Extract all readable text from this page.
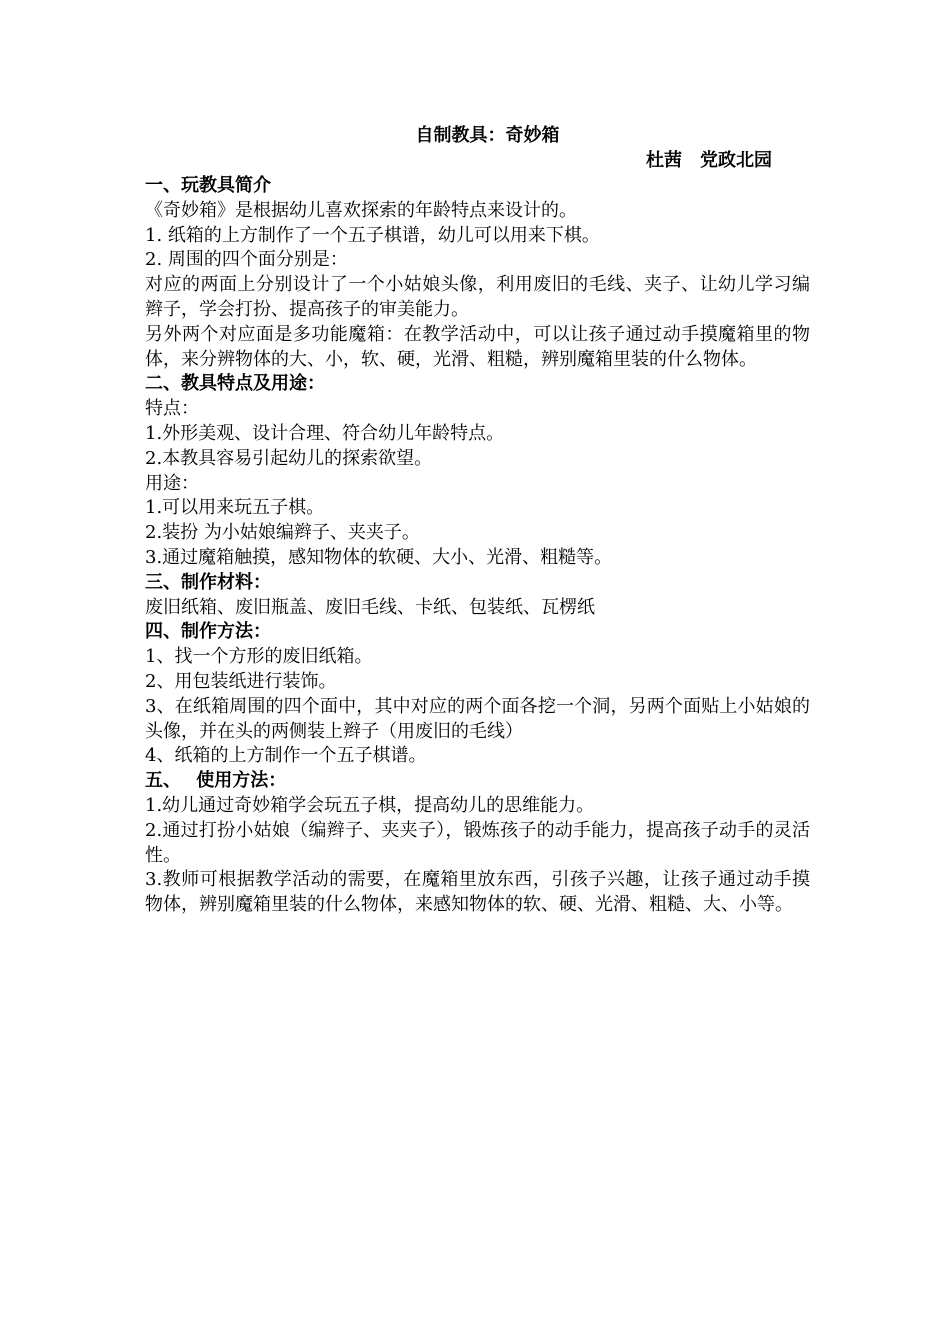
自制教具：奇妙箱
杜茜　党政北园
一、玩教具简介

《奇妙箱》是根据幼儿喜欢探索的年龄特点来设计的。

1. 纸箱的上方制作了一个五子棋谱，幼儿可以用来下棋。

2. 周围的四个面分别是：

对应的两面上分别设计了一个小姑娘头像，利用废旧的毛线、夹子、让幼儿学习编辫子，学会打扮、提高孩子的审美能力。

另外两个对应面是多功能魔箱：在教学活动中，可以让孩子通过动手摸魔箱里的物体，来分辨物体的大、小，软、硬，光滑、粗糙，辨别魔箱里装的什么物体。

二、教具特点及用途：

特点：

1.外形美观、设计合理、符合幼儿年龄特点。

2.本教具容易引起幼儿的探索欲望。

用途：

1.可以用来玩五子棋。

2.装扮 为小姑娘编辫子、夹夹子。

3.通过魔箱触摸，感知物体的软硬、大小、光滑、粗糙等。

三、制作材料：

废旧纸箱、废旧瓶盖、废旧毛线、卡纸、包装纸、瓦楞纸

四、制作方法：

1、找一个方形的废旧纸箱。

2、用包装纸进行装饰。

3、在纸箱周围的四个面中，其中对应的两个面各挖一个洞，另两个面贴上小姑娘的头像，并在头的两侧装上辫子（用废旧的毛线）

4、纸箱的上方制作一个五子棋谱。

五、　 使用方法：

1.幼儿通过奇妙箱学会玩五子棋，提高幼儿的思维能力。

2.通过打扮小姑娘（编辫子、夹夹子），锻炼孩子的动手能力，提高孩子动手的灵活性。

3.教师可根据教学活动的需要，在魔箱里放东西，引孩子兴趣，让孩子通过动手摸物体，辨别魔箱里装的什么物体，来感知物体的软、硬、光滑、粗糙、大、小等。
